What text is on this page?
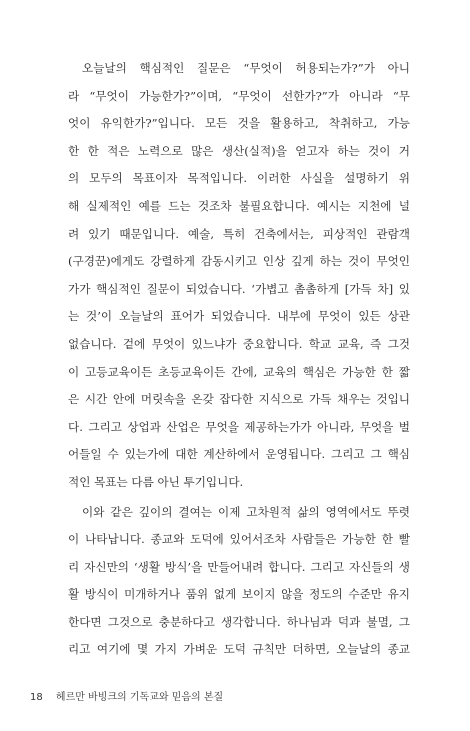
오늘날의 핵심적인 질문은 “무엇이 허용되는가?”가 아니
라 “무엇이 가능한가?”이며, “무엇이 선한가?”가 아니라 “무
엇이 유익한가?”입니다. 모든 것을 활용하고, 착취하고, 가능
한 한 적은 노력으로 많은 생산(실적)을 얻고자 하는 것이 거
의 모두의 목표이자 목적입니다. 이러한 사실을 설명하기 위
해 실제적인 예를 드는 것조차 불필요합니다. 예시는 지천에 널
려 있기 때문입니다. 예술, 특히 건축에서는, 피상적인 관람객
(구경꾼)에게도 강렬하게 감동시키고 인상 깊게 하는 것이 무엇인
가가 핵심적인 질문이 되었습니다. ‘가볍고 촘촘하게 [가득 차] 있
는 것’이 오늘날의 표어가 되었습니다. 내부에 무엇이 있든 상관
없습니다. 겉에 무엇이 있느냐가 중요합니다. 학교 교육, 즉 그것
이 고등교육이든 초등교육이든 간에, 교육의 핵심은 가능한 한 짧
은 시간 안에 머릿속을 온갖 잡다한 지식으로 가득 채우는 것입니
다. 그리고 상업과 산업은 무엇을 제공하는가가 아니라, 무엇을 벌
어들일 수 있는가에 대한 계산하에서 운영됩니다. 그리고 그 핵심
적인 목표는 다름 아닌 투기입니다.
이와 같은 깊이의 결여는 이제 고차원적 삶의 영역에서도 뚜렷
이 나타납니다. 종교와 도덕에 있어서조차 사람들은 가능한 한 빨
리 자신만의 ‘생활 방식’을 만들어내려 합니다. 그리고 자신들의 생
활 방식이 미개하거나 품위 없게 보이지 않을 정도의 수준만 유지
한다면 그것으로 충분하다고 생각합니다. 하나님과 덕과 불멸, 그
리고 여기에 몇 가지 가벼운 도덕 규칙만 더하면, 오늘날의 종교
18 헤르만 바빙크의 기독교와 믿음의 본질
